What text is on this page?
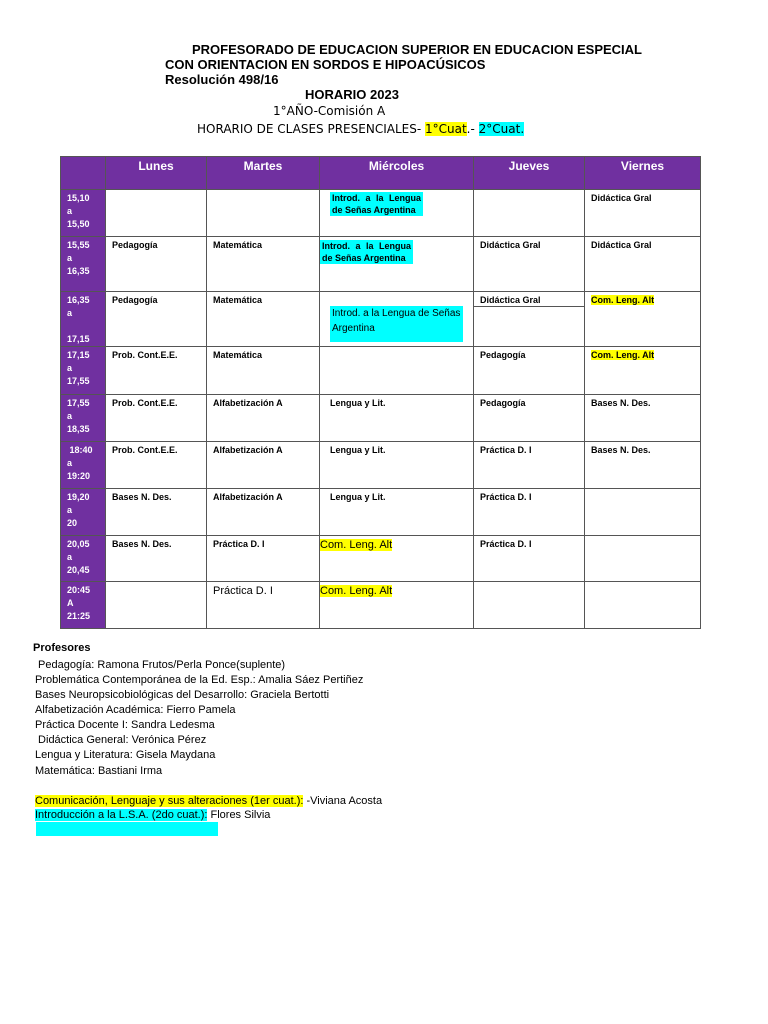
PROFESORADO DE EDUCACION SUPERIOR EN EDUCACION ESPECIAL
CON ORIENTACION EN SORDOS E HIPOACÚSICOS
Resolución 498/16
HORARIO 2023
1°AÑO-Comisión A
HORARIO DE CLASES PRESENCIALES- 1°Cuat.- 2°Cuat.
	Lunes	Martes	Miércoles	Jueves	Viernes

15,10
a
15,50			Introd. a la Lengua de Señas Argentina		Didáctica Gral

15,55
a
16,35	Pedagogía	Matemática	Introd. a la Lengua de Señas Argentina	Didáctica Gral	Didáctica Gral

16,35
a
17,15	Pedagogía	Matemática	Introd. a la Lengua de Señas Argentina	Didáctica Gral	Com. Leng. Alt

17,15
a
17,55	Prob. Cont.E.E.	Matemática		Pedagogía	Com. Leng. Alt

17,55
a
18,35	Prob. Cont.E.E.	Alfabetización A	Lengua y Lit.	Pedagogía	Bases N. Des.

18:40
a
19:20	Prob. Cont.E.E.	Alfabetización A	Lengua y Lit.	Práctica D. I	Bases N. Des.

19,20
a
20	Bases N. Des.	Alfabetización A	Lengua y Lit.	Práctica D. I	

20,05
a
20,45	Bases N. Des.	Práctica D. I	Com. Leng. Alt	Práctica D. I	

20:45
A
21:25		Práctica D. I	Com. Leng. Alt		

Profesores
Pedagogía: Ramona Frutos/Perla Ponce(suplente)
Problemática Contemporánea de la Ed. Esp.: Amalia Sáez Pertiñez
Bases Neuropsicobiológicas del Desarrollo: Graciela Bertotti
Alfabetización Académica: Fierro Pamela
Práctica Docente I: Sandra Ledesma
Didáctica General: Verónica Pérez
Lengua y Literatura: Gisela Maydana
Matemática: Bastiani Irma
Comunicación, Lenguaje y sus alteraciones (1er cuat.): -Viviana Acosta
Introducción a la L.S.A. (2do cuat.): Flores Silvia
